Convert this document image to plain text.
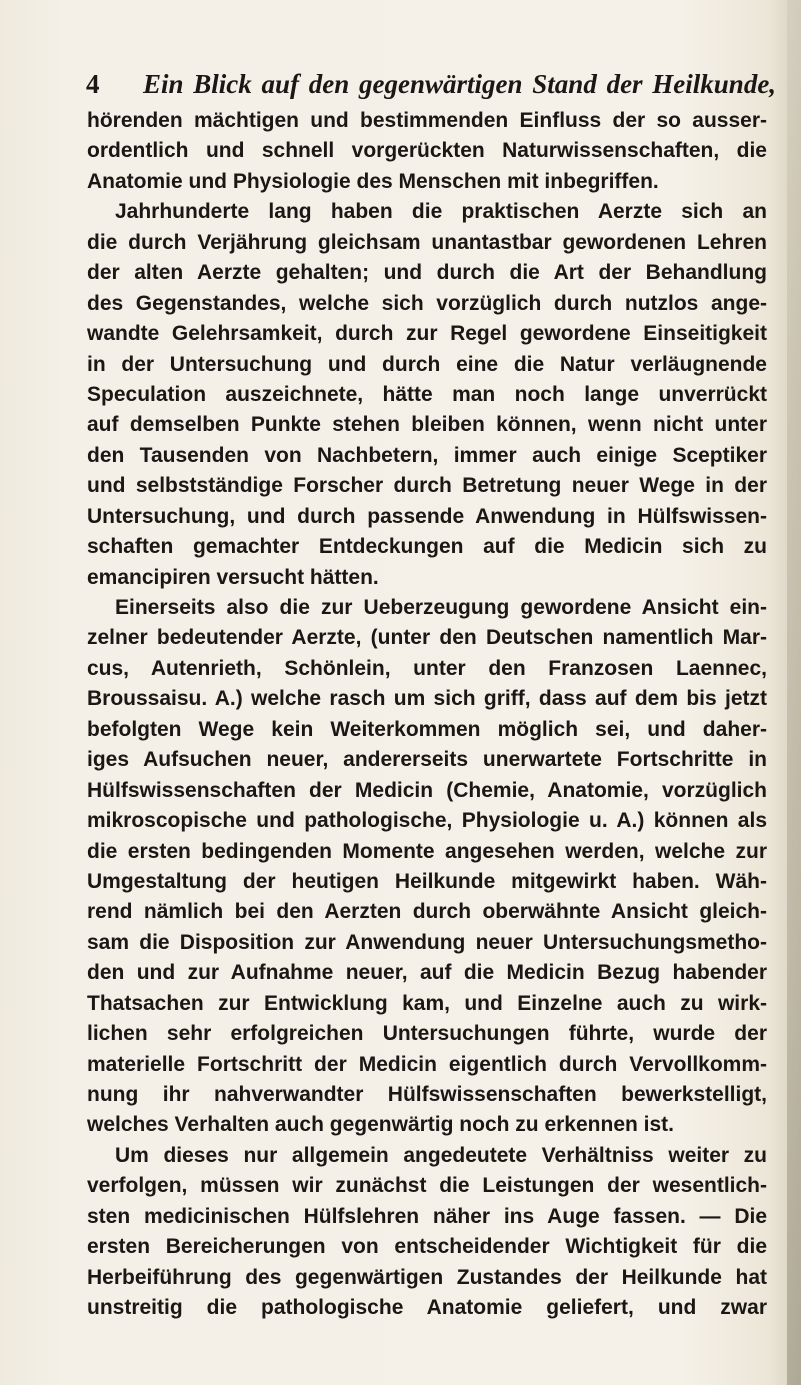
4 Ein Blick auf den gegenwärtigen Stand der Heilkunde,
hörenden mächtigen und bestimmenden Einfluss der so ausser-
ordentlich und schnell vorgerückten Naturwissenschaften, die
Anatomie und Physiologie des Menschen mit inbegriffen.
Jahrhunderte lang haben die praktischen Aerzte sich an
die durch Verjährung gleichsam unantastbar gewordenen Lehren
der alten Aerzte gehalten; und durch die Art der Behandlung
des Gegenstandes, welche sich vorzüglich durch nutzlos ange-
wandte Gelehrsamkeit, durch zur Regel gewordene Einseitigkeit
in der Untersuchung und durch eine die Natur verläugnende
Speculation auszeichnete, hätte man noch lange unverrückt
auf demselben Punkte stehen bleiben können, wenn nicht unter
den Tausenden von Nachbetern, immer auch einige Sceptiker
und selbstständige Forscher durch Betretung neuer Wege in der
Untersuchung, und durch passende Anwendung in Hülfswissen-
schaften gemachter Entdeckungen auf die Medicin sich zu
emancipiren versucht hätten.
Einerseits also die zur Ueberzeugung gewordene Ansicht ein-
zelner bedeutender Aerzte, (unter den Deutschen namentlich Mar-
cus, Autenrieth, Schönlein, unter den Franzosen Laennec,
Broussaisu. A.) welche rasch um sich griff, dass auf dem bis jetzt
befolgten Wege kein Weiterkommen möglich sei, und daher-
iges Aufsuchen neuer, andererseits unerwartete Fortschritte in
Hülfswissenschaften der Medicin (Chemie, Anatomie, vorzüglich
mikroscopische und pathologische, Physiologie u. A.) können als
die ersten bedingenden Momente angesehen werden, welche zur
Umgestaltung der heutigen Heilkunde mitgewirkt haben. Wäh-
rend nämlich bei den Aerzten durch oberwähnte Ansicht gleich-
sam die Disposition zur Anwendung neuer Untersuchungsmetho-
den und zur Aufnahme neuer, auf die Medicin Bezug habender
Thatsachen zur Entwicklung kam, und Einzelne auch zu wirk-
lichen sehr erfolgreichen Untersuchungen führte, wurde der
materielle Fortschritt der Medicin eigentlich durch Vervollkomm-
nung ihr nahverwandter Hülfswissenschaften bewerkstelligt,
welches Verhalten auch gegenwärtig noch zu erkennen ist.
Um dieses nur allgemein angedeutete Verhältniss weiter zu
verfolgen, müssen wir zunächst die Leistungen der wesentlich-
sten medicinischen Hülfslehren näher ins Auge fassen. — Die
ersten Bereicherungen von entscheidender Wichtigkeit für die
Herbeiführung des gegenwärtigen Zustandes der Heilkunde hat
unstreitig die pathologische Anatomie geliefert, und zwar
